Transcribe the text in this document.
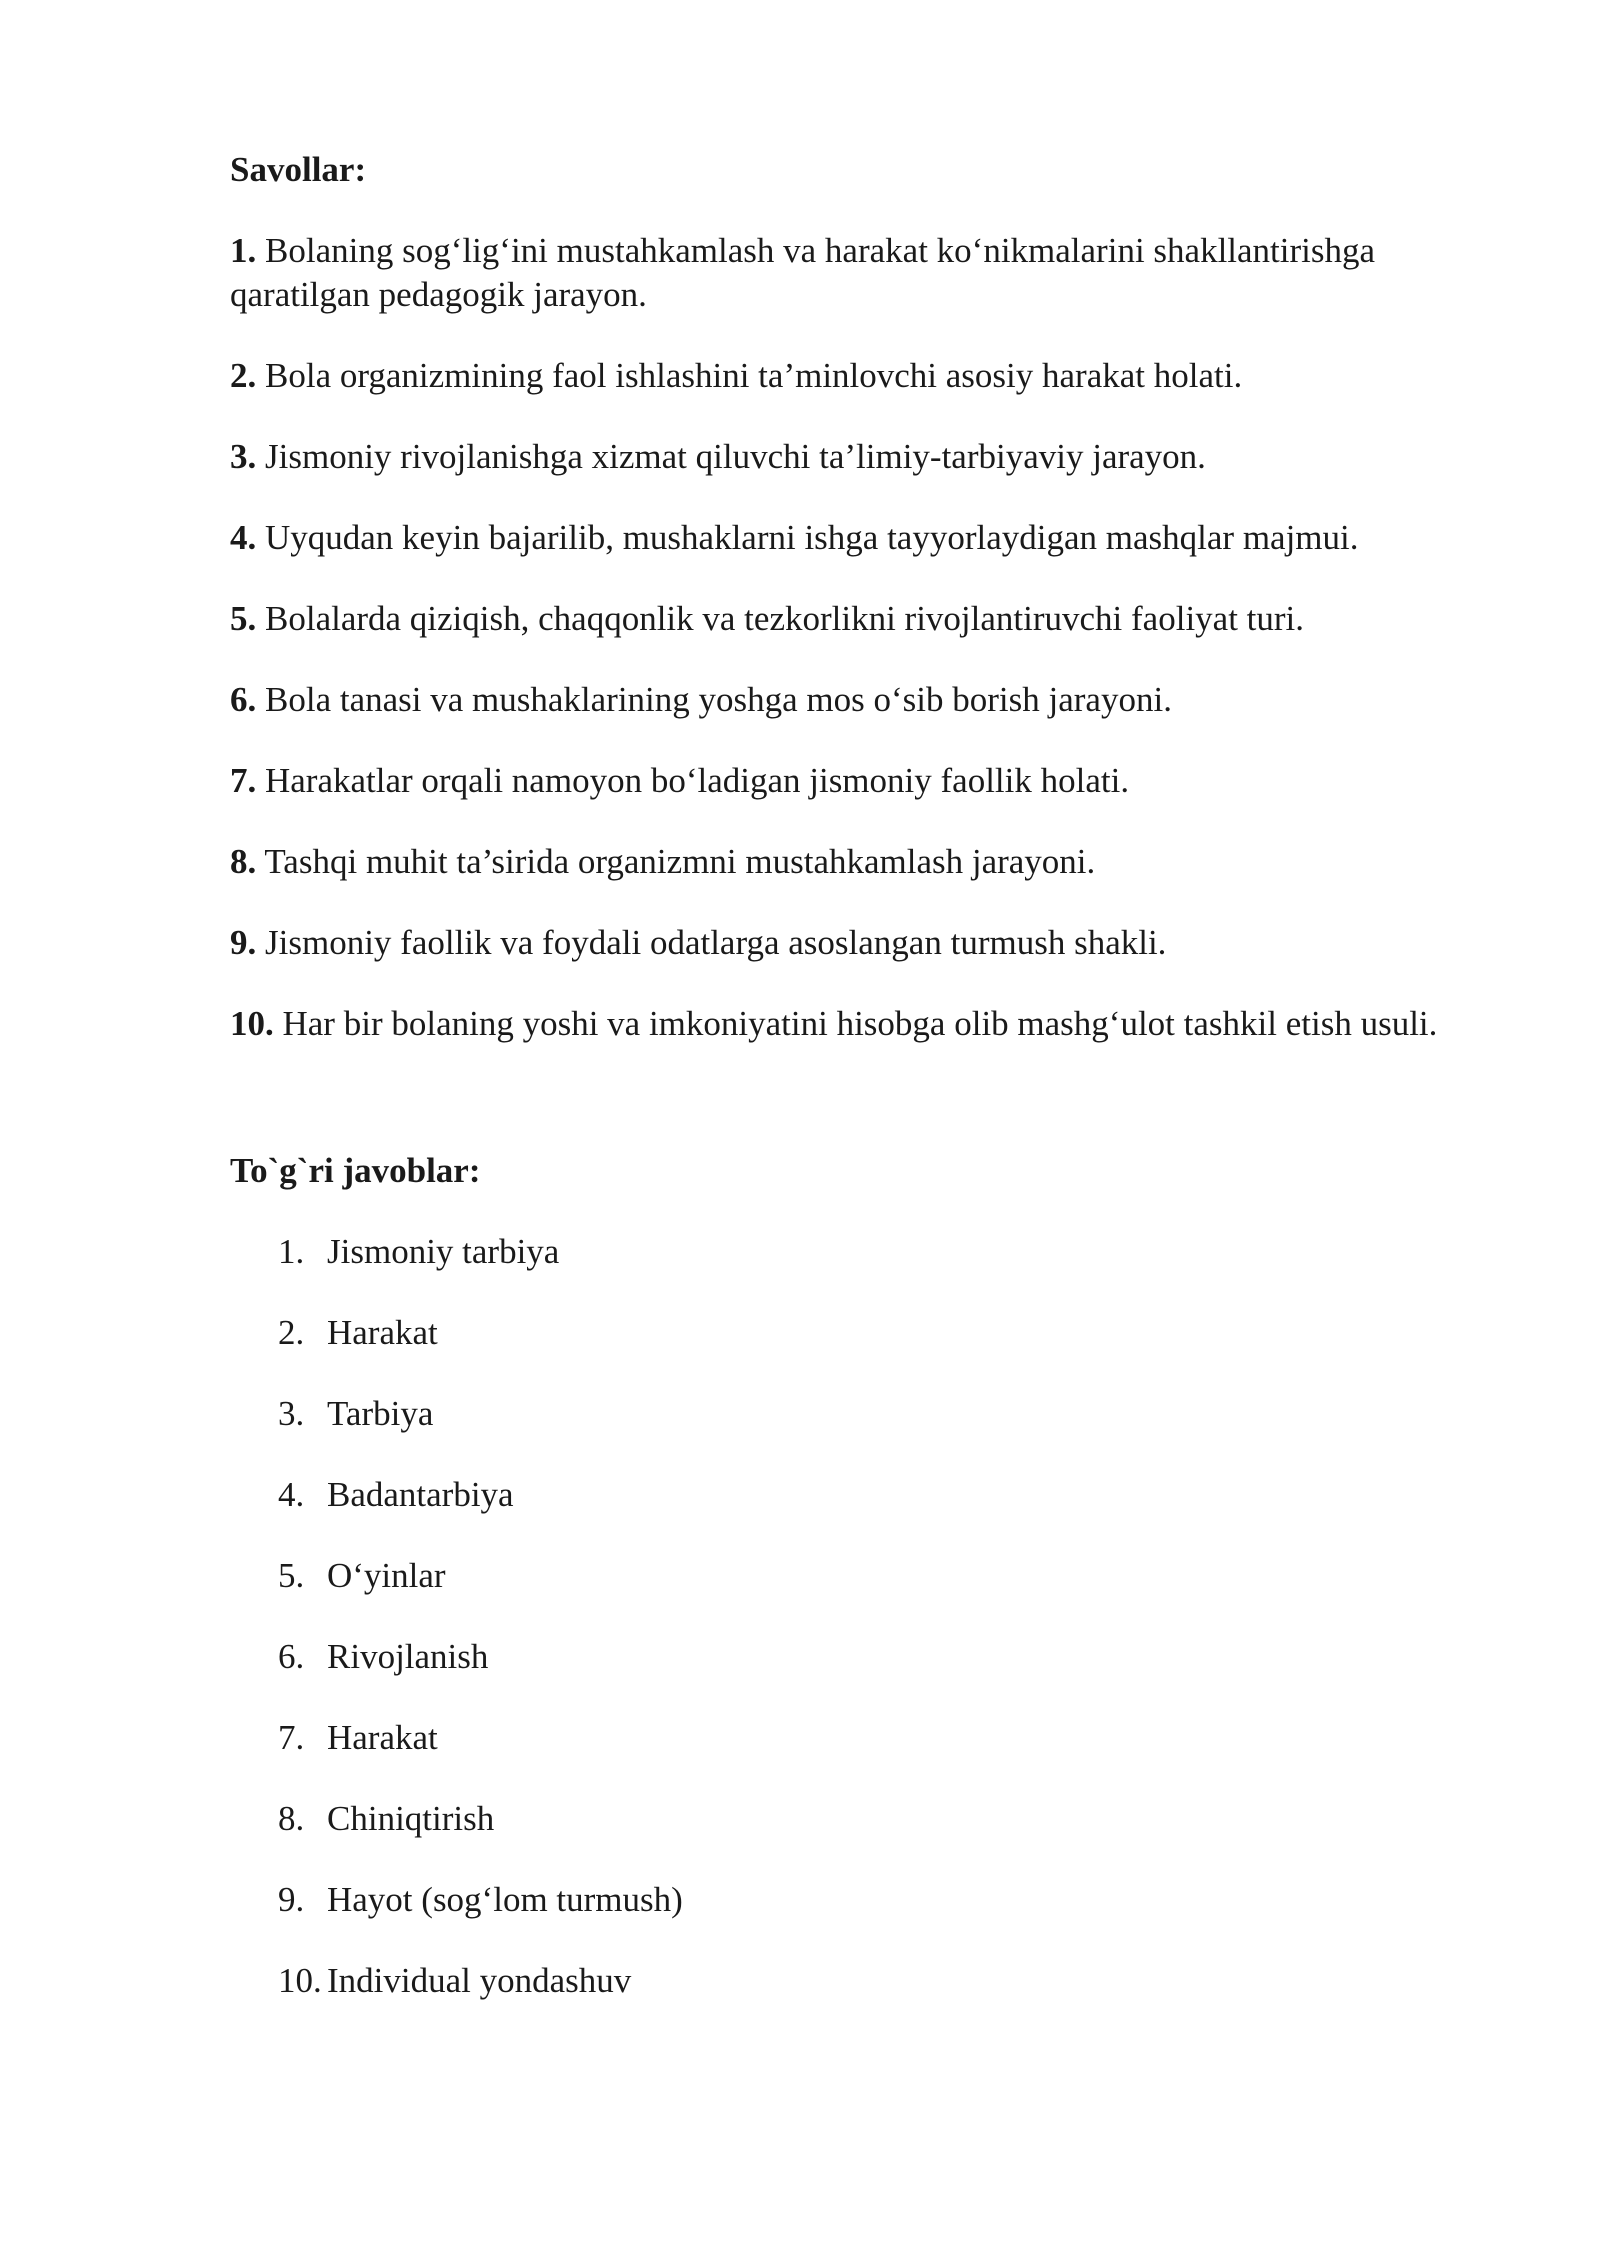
Savollar:

1. Bolaning sog‘lig‘ini mustahkamlash va harakat ko‘nikmalarini shakllantirishga qaratilgan pedagogik jarayon.

2. Bola organizmining faol ishlashini ta’minlovchi asosiy harakat holati.

3. Jismoniy rivojlanishga xizmat qiluvchi ta’limiy-tarbiyaviy jarayon.

4. Uyqudan keyin bajarilib, mushaklarni ishga tayyorlaydigan mashqlar majmui.

5. Bolalarda qiziqish, chaqqonlik va tezkorlikni rivojlantiruvchi faoliyat turi.

6. Bola tanasi va mushaklarining yoshga mos o‘sib borish jarayoni.

7. Harakatlar orqali namoyon bo‘ladigan jismoniy faollik holati.

8. Tashqi muhit ta’sirida organizmni mustahkamlash jarayoni.

9. Jismoniy faollik va foydali odatlarga asoslangan turmush shakli.

10. Har bir bolaning yoshi va imkoniyatini hisobga olib mashg‘ulot tashkil etish usuli.

To`g`ri javoblar:

1. Jismoniy tarbiya
2. Harakat
3. Tarbiya
4. Badantarbiya
5. O‘yinlar
6. Rivojlanish
7. Harakat
8. Chiniqtirish
9. Hayot (sog‘lom turmush)
10. Individual yondashuv
